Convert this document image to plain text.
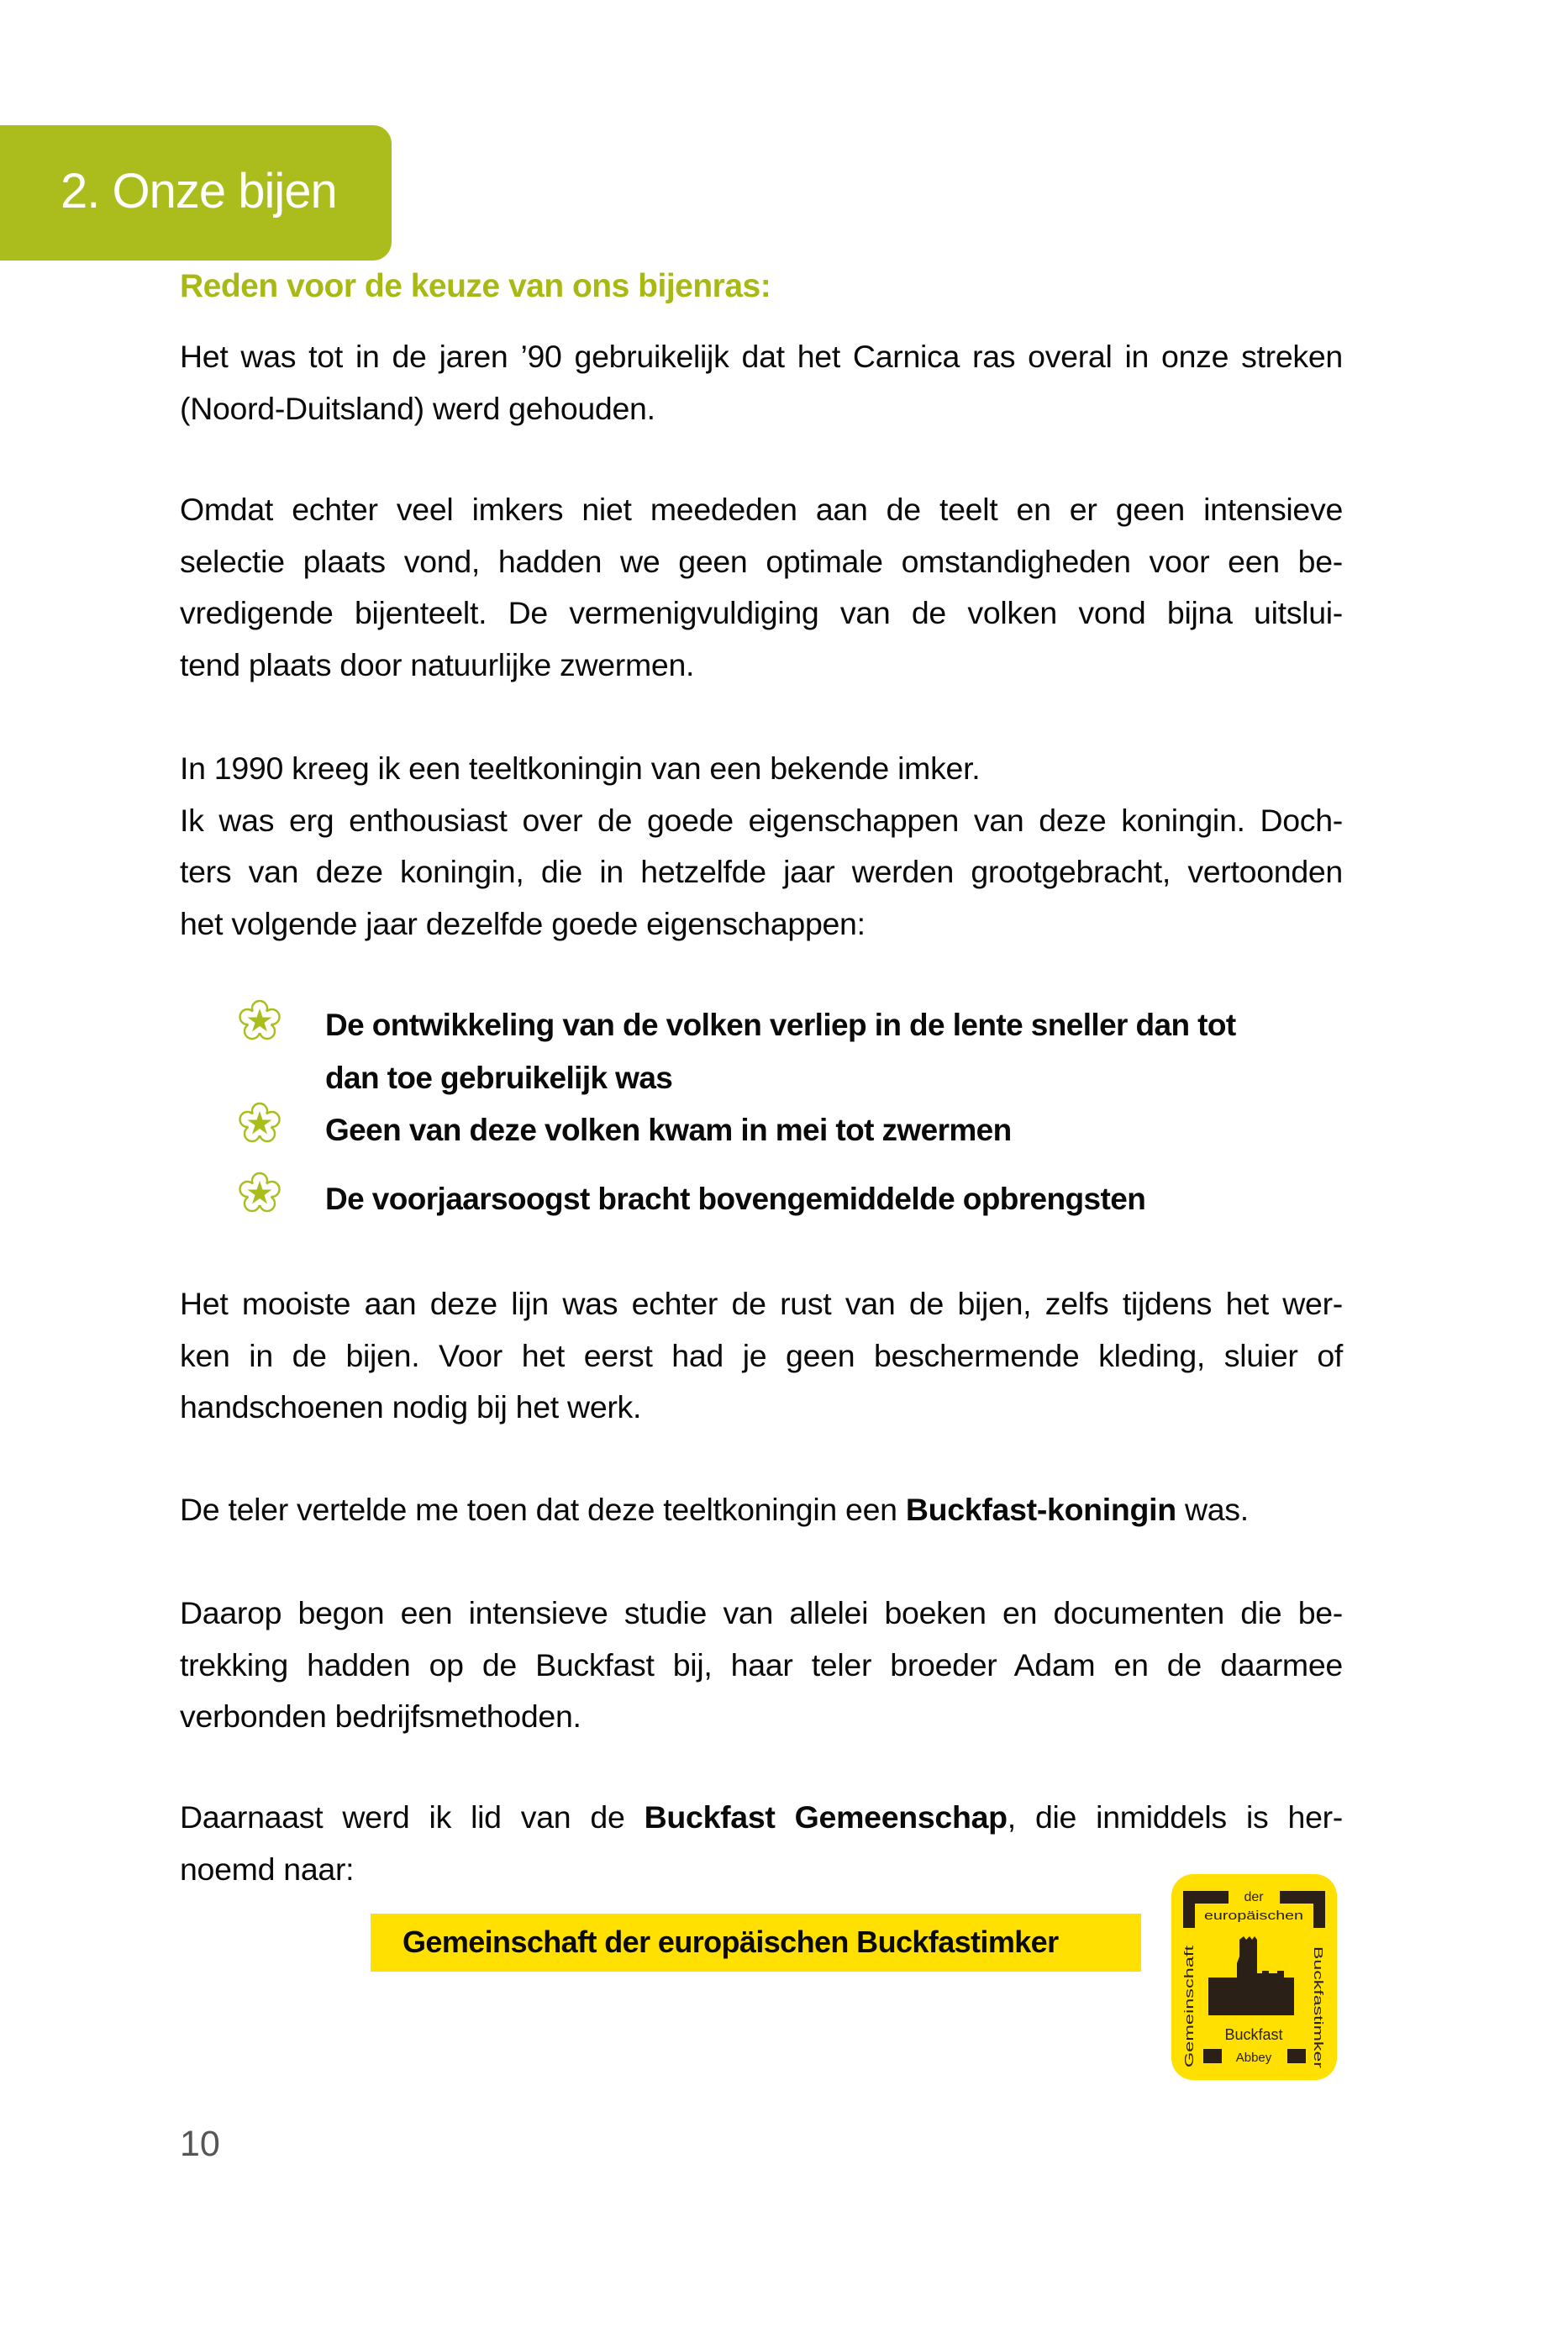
2. Onze bijen
Reden voor de keuze van ons bijenras:
Het was tot in de jaren ’90 gebruikelijk dat het Carnica ras overal in onze streken
(Noord-Duitsland) werd gehouden.
Omdat echter veel imkers niet meededen aan de teelt en er geen intensieve
selectie plaats vond, hadden we geen optimale omstandigheden voor een be-
vredigende bijenteelt. De vermenigvuldiging van de volken vond bijna uitslui-
tend plaats door natuurlijke zwermen.
In 1990 kreeg ik een teeltkoningin van een bekende imker.
Ik was erg enthousiast over de goede eigenschappen van deze koningin. Doch-
ters van deze koningin, die in hetzelfde jaar werden grootgebracht, vertoonden
het volgende jaar dezelfde goede eigenschappen:
De ontwikkeling van de volken verliep in de lente sneller dan tot
dan toe gebruikelijk was
Geen van deze volken kwam in mei tot zwermen
De voorjaarsoogst bracht bovengemiddelde opbrengsten
Het mooiste aan deze lijn was echter de rust van de bijen, zelfs tijdens het wer-
ken in de bijen. Voor het eerst had je geen beschermende kleding, sluier of
handschoenen nodig bij het werk.
De teler vertelde me toen dat deze teeltkoningin een Buckfast-koningin was.
Daarop begon een intensieve studie van allelei boeken en documenten die be-
trekking hadden op de Buckfast bij, haar teler broeder Adam en de daarmee
verbonden bedrijfsmethoden.
Daarnaast werd ik lid van de Buckfast Gemeenschap, die inmiddels is her-
noemd naar:
Gemeinschaft der europäischen Buckfastimker
der
europäischen
Buckfast
Abbey
Gemeinschaft
Buckfastimker
10
